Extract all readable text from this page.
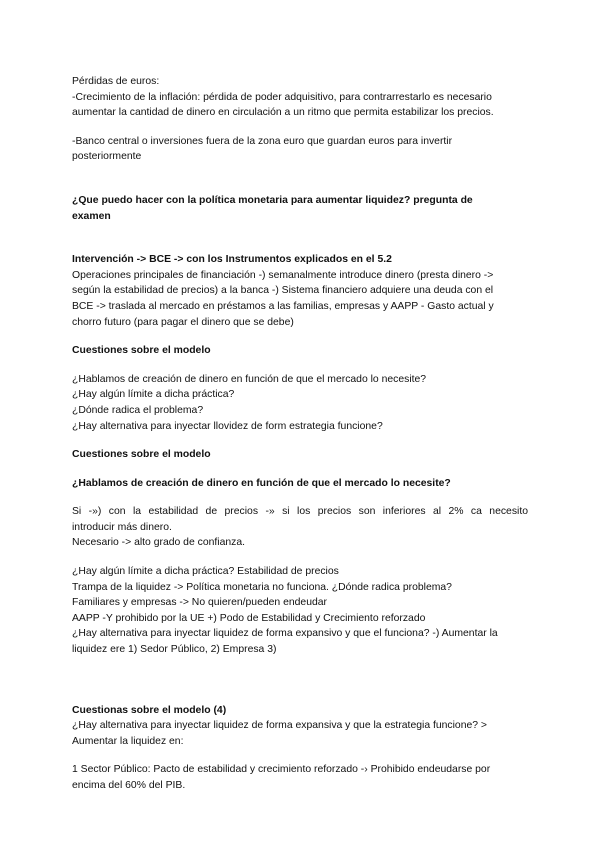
Pérdidas de euros:
-Crecimiento de la inflación: pérdida de poder adquisitivo, para contrarrestarlo es necesario
aumentar la cantidad de dinero en circulación a un ritmo que permita estabilizar los precios.
-Banco central o inversiones fuera de la zona euro que guardan euros para invertir
posteriormente
¿Que puedo hacer con la política monetaria para aumentar liquidez? pregunta de
examen
Intervención -> BCE -> con los Instrumentos explicados en el 5.2
Operaciones principales de financiación -) semanalmente introduce dinero (presta dinero ->
según la estabilidad de precios) a la banca -) Sistema financiero adquiere una deuda con el
BCE -> traslada al mercado en préstamos a las familias, empresas y AAPP - Gasto actual y
chorro futuro (para pagar el dinero que se debe)
Cuestiones sobre el modelo
¿Hablamos de creación de dinero en función de que el mercado lo necesite?
¿Hay algún límite a dicha práctica?
¿Dónde radica el problema?
¿Hay alternativa para inyectar llovidez de form estrategia funcione?
Cuestiones sobre el modelo
¿Hablamos de creación de dinero en función de que el mercado lo necesite?
Si -») con la estabilidad de precios -» si los precios son inferiores al 2% ca necesito
introducir más dinero.
Necesario -> alto grado de confianza.
¿Hay algún límite a dicha práctica? Estabilidad de precios
Trampa de la liquidez -> Política monetaria no funciona. ¿Dónde radica problema?
Familiares y empresas -> No quieren/pueden endeudar
AAPP -Y prohibido por la UE +) Podo de Estabilidad y Crecimiento reforzado
¿Hay alternativa para inyectar liquidez de forma expansivo y que el funciona? -) Aumentar la
liquidez ere 1) Sedor Público, 2) Empresa 3)
Cuestionas sobre el modelo (4)
¿Hay alternativa para inyectar liquidez de forma expansiva y que la estrategia funcione? >
Aumentar la liquidez en:
1 Sector Público: Pacto de estabilidad y crecimiento reforzado -› Prohibido endeudarse por
encima del 60% del PIB.
